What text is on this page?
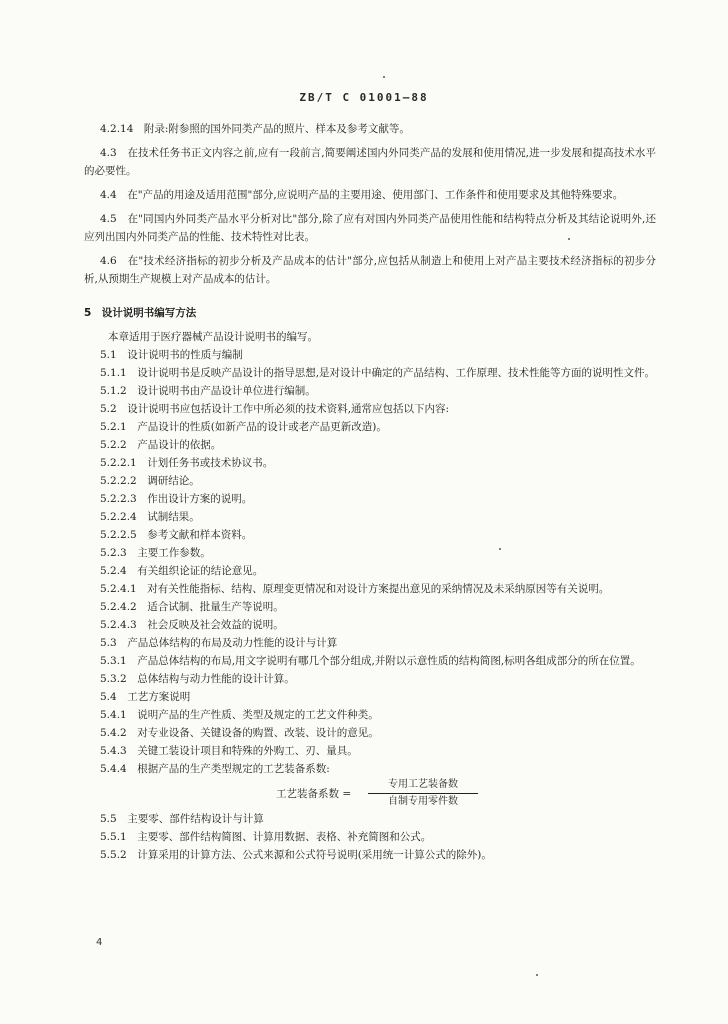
ZB/T C 01001—88

4.2.14　附录:附参照的国外同类产品的照片、样本及参考文献等。

4.3　在技术任务书正文内容之前,应有一段前言,简要阐述国内外同类产品的发展和使用情况,进一步发展和提高技术水平的必要性。

4.4　在"产品的用途及适用范围"部分,应说明产品的主要用途、使用部门、工作条件和使用要求及其他特殊要求。

4.5　在"同国内外同类产品水平分析对比"部分,除了应有对国内外同类产品使用性能和结构特点分析及其结论说明外,还应列出国内外同类产品的性能、技术特性对比表。

4.6　在"技术经济指标的初步分析及产品成本的估计"部分,应包括从制造上和使用上对产品主要技术经济指标的初步分析,从预期生产规模上对产品成本的估计。

5　设计说明书编写方法

本章适用于医疗器械产品设计说明书的编写。

5.1　设计说明书的性质与编制

5.1.1　设计说明书是反映产品设计的指导思想,是对设计中确定的产品结构、工作原理、技术性能等方面的说明性文件。

5.1.2　设计说明书由产品设计单位进行编制。

5.2　设计说明书应包括设计工作中所必须的技术资料,通常应包括以下内容:

5.2.1　产品设计的性质(如新产品的设计或老产品更新改造)。

5.2.2　产品设计的依据。

5.2.2.1　计划任务书或技术协议书。

5.2.2.2　调研结论。

5.2.2.3　作出设计方案的说明。

5.2.2.4　试制结果。

5.2.2.5　参考文献和样本资料。

5.2.3　主要工作参数。

5.2.4　有关组织论证的结论意见。

5.2.4.1　对有关性能指标、结构、原理变更情况和对设计方案提出意见的采纳情况及未采纳原因等有关说明。

5.2.4.2　适合试制、批量生产等说明。

5.2.4.3　社会反映及社会效益的说明。

5.3　产品总体结构的布局及动力性能的设计与计算

5.3.1　产品总体结构的布局,用文字说明有哪几个部分组成,并附以示意性质的结构简图,标明各组成部分的所在位置。

5.3.2　总体结构与动力性能的设计计算。

5.4　工艺方案说明

5.4.1　说明产品的生产性质、类型及规定的工艺文件种类。

5.4.2　对专业设备、关键设备的购置、改装、设计的意见。

5.4.3　关键工装设计项目和特殊的外购工、刃、量具。

5.4.4　根据产品的生产类型规定的工艺装备系数:

工艺装备系数 =
专用工艺装备数
自制专用零件数

5.5　主要零、部件结构设计与计算

5.5.1　主要零、部件结构简图、计算用数据、表格、补充简图和公式。

5.5.2　计算采用的计算方法、公式来源和公式符号说明(采用统一计算公式的除外)。

4
